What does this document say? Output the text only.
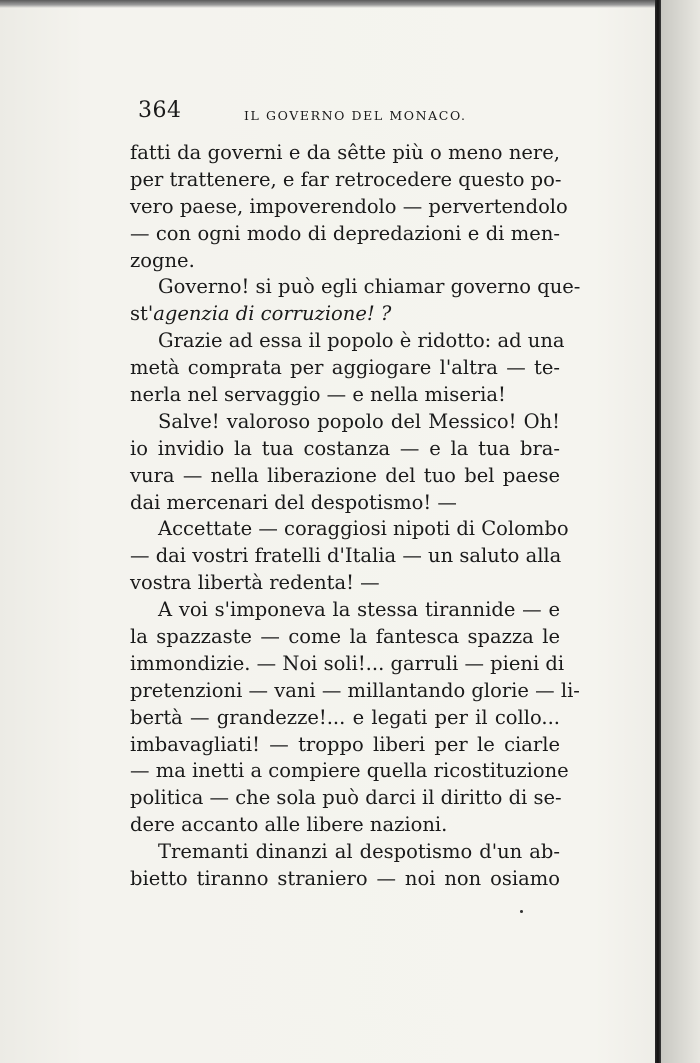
364	IL GOVERNO DEL MONACO.
fatti da governi e da sêtte più o meno nere,
per trattenere, e far retrocedere questo po-
vero paese, impoverendolo — pervertendolo
— con ogni modo di depredazioni e di men-
zogne.
Governo! si può egli chiamar governo que-
st'agenzia di corruzione! ?
Grazie ad essa il popolo è ridotto: ad una
metà comprata per aggiogare l'altra — te-
nerla nel servaggio — e nella miseria!
Salve! valoroso popolo del Messico! Oh!
io invidio la tua costanza — e la tua bra-
vura — nella liberazione del tuo bel paese
dai mercenari del despotismo! —
Accettate — coraggiosi nipoti di Colombo
— dai vostri fratelli d'Italia — un saluto alla
vostra libertà redenta! —
A voi s'imponeva la stessa tirannide — e
la spazzaste — come la fantesca spazza le
immondizie. — Noi soli!... garruli — pieni di
pretenzioni — vani — millantando glorie — li-
bertà — grandezze!... e legati per il collo...
imbavagliati! — troppo liberi per le ciarle
— ma inetti a compiere quella ricostituzione
politica — che sola può darci il diritto di se-
dere accanto alle libere nazioni.
Tremanti dinanzi al despotismo d'un ab-
bietto tiranno straniero — noi non osiamo
